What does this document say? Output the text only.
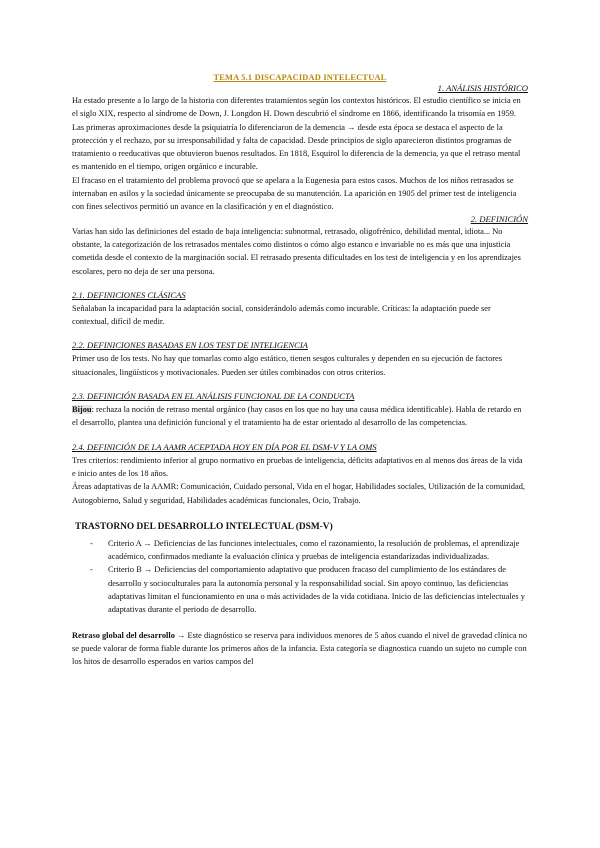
TEMA 5.1 DISCAPACIDAD INTELECTUAL

1. ANÁLISIS HISTÓRICO

Ha estado presente a lo largo de la historia con diferentes tratamientos según los contextos históricos. El estudio científico se inicia en el siglo XIX, respecto al síndrome de Down, J. Longdon H. Down descubrió el síndrome en 1866, identificando la trisomía en 1959. Las primeras aproximaciones desde la psiquiatría lo diferenciaron de la demencia → desde esta época se destaca el aspecto de la protección y el rechazo, por su irresponsabilidad y falta de capacidad. Desde principios de siglo aparecieron distintos programas de tratamiento o reeducativas que obtuvieron buenos resultados. En 1818, Esquirol lo diferencia de la demencia, ya que el retraso mental es mantenido en el tiempo, origen orgánico e incurable.

El fracaso en el tratamiento del problema provocó que se apelara a la Eugenesia para estos casos. Muchos de los niños retrasados se internaban en asilos y la sociedad únicamente se preocupaba de su manutención. La aparición en 1905 del primer test de inteligencia con fines selectivos permitió un avance en la clasificación y en el diagnóstico.

2. DEFINICIÓN

Varias han sido las definiciones del estado de baja inteligencia: subnormal, retrasado, oligofrénico, debilidad mental, idiota... No obstante, la categorización de los retrasados mentales como distintos o cómo algo estanco e invariable no es más que una injusticia cometida desde el contexto de la marginación social. El retrasado presenta dificultades en los test de inteligencia y en los aprendizajes escolares, pero no deja de ser una persona.

2.1. DEFINICIONES CLÁSICAS

Señalaban la incapacidad para la adaptación social, considerándolo además como incurable. Críticas: la adaptación puede ser contextual, difícil de medir.

2.2. DEFINICIONES BASADAS EN LOS TEST DE INTELIGENCIA

Primer uso de los tests. No hay que tomarlas como algo estático, tienen sesgos culturales y dependen en su ejecución de factores situacionales, lingüísticos y motivacionales. Pueden ser útiles combinados con otros criterios.

2.3. DEFINICIÓN BASADA EN EL ANÁLISIS FUNCIONAL DE LA CONDUCTA

Bijou: rechaza la noción de retraso mental orgánico (hay casos en los que no hay una causa médica identificable). Habla de retardo en el desarrollo, plantea una definición funcional y el tratamiento ha de estar orientado al desarrollo de las competencias.

2.4. DEFINICIÓN DE LA AAMR ACEPTADA HOY EN DÍA POR EL DSM-V Y LA OMS

Tres criterios: rendimiento inferior al grupo normativo en pruebas de inteligencia, déficits adaptativos en al menos dos áreas de la vida e inicio antes de los 18 años.

Áreas adaptativas de la AAMR: Comunicación, Cuidado personal, Vida en el hogar, Habilidades sociales, Utilización de la comunidad, Autogobierno, Salud y seguridad, Habilidades académicas funcionales, Ocio, Trabajo.

TRASTORNO DEL DESARROLLO INTELECTUAL (DSM-V)

- Criterio A → Deficiencias de las funciones intelectuales, como el razonamiento, la resolución de problemas, el aprendizaje académico, confirmados mediante la evaluación clínica y pruebas de inteligencia estandarizadas individualizadas.
- Criterio B → Deficiencias del comportamiento adaptativo que producen fracaso del cumplimiento de los estándares de desarrollo y socioculturales para la autonomía personal y la responsabilidad social. Sin apoyo continuo, las deficiencias adaptativas limitan el funcionamiento en una o más actividades de la vida cotidiana. Inicio de las deficiencias intelectuales y adaptativas durante el periodo de desarrollo.

Retraso global del desarrollo → Este diagnóstico se reserva para individuos menores de 5 años cuando el nivel de gravedad clínica no se puede valorar de forma fiable durante los primeros años de la infancia. Esta categoría se diagnostica cuando un sujeto no cumple con los hitos de desarrollo esperados en varios campos del
